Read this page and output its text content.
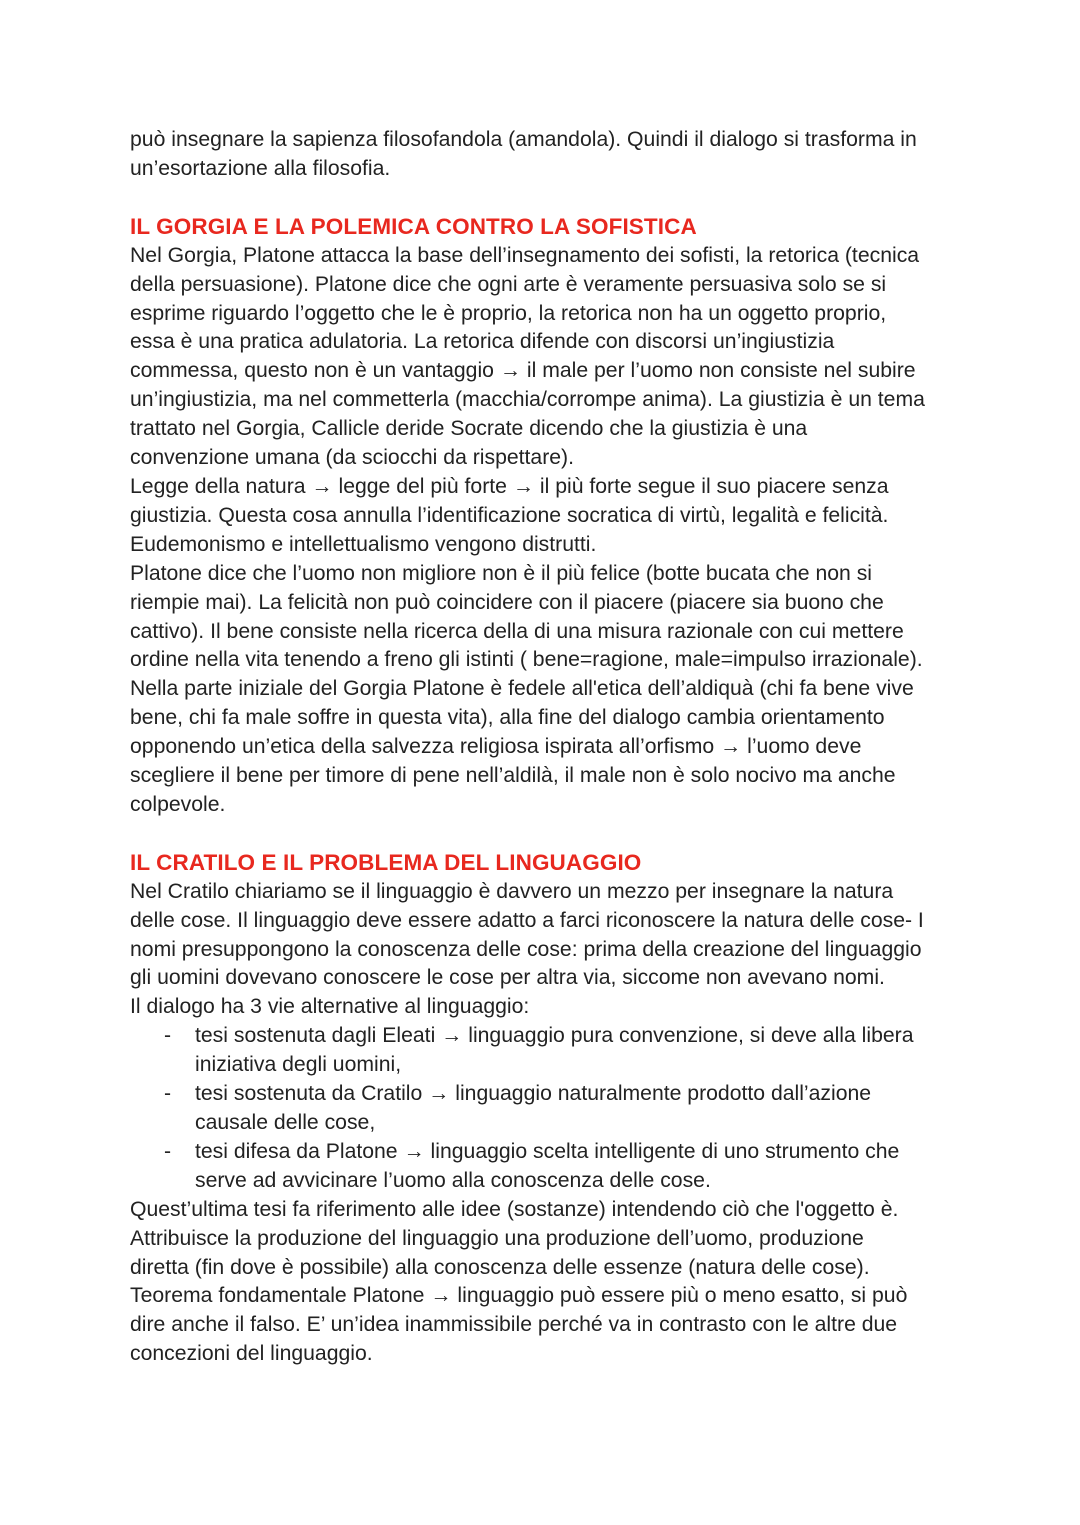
può insegnare la sapienza filosofandola (amandola). Quindi il dialogo si trasforma in
un’esortazione alla filosofia.

IL GORGIA E LA POLEMICA CONTRO LA SOFISTICA

Nel Gorgia, Platone attacca la base dell’insegnamento dei sofisti, la retorica (tecnica
della persuasione). Platone dice che ogni arte è veramente persuasiva solo se si
esprime riguardo l’oggetto che le è proprio, la retorica non ha un oggetto proprio,
essa è una pratica adulatoria. La retorica difende con discorsi un’ingiustizia
commessa, questo non è un vantaggio → il male per l’uomo non consiste nel subire
un’ingiustizia, ma nel commetterla (macchia/corrompe anima). La giustizia è un tema
trattato nel Gorgia, Callicle deride Socrate dicendo che la giustizia è una
convenzione umana (da sciocchi da rispettare).

Legge della natura → legge del più forte → il più forte segue il suo piacere senza
giustizia. Questa cosa annulla l’identificazione socratica di virtù, legalità e felicità.
Eudemonismo e intellettualismo vengono distrutti.

Platone dice che l’uomo non migliore non è il più felice (botte bucata che non si
riempie mai). La felicità non può coincidere con il piacere (piacere sia buono che
cattivo). Il bene consiste nella ricerca della di una misura razionale con cui mettere
ordine nella vita tenendo a freno gli istinti ( bene=ragione, male=impulso irrazionale).
Nella parte iniziale del Gorgia Platone è fedele all'etica dell’aldiquà (chi fa bene vive
bene, chi fa male soffre in questa vita), alla fine del dialogo cambia orientamento
opponendo un’etica della salvezza religiosa ispirata all’orfismo → l’uomo deve
scegliere il bene per timore di pene nell’aldilà, il male non è solo nocivo ma anche
colpevole.

IL CRATILO E IL PROBLEMA DEL LINGUAGGIO

Nel Cratilo chiariamo se il linguaggio è davvero un mezzo per insegnare la natura
delle cose. Il linguaggio deve essere adatto a farci riconoscere la natura delle cose- I
nomi presuppongono la conoscenza delle cose: prima della creazione del linguaggio
gli uomini dovevano conoscere le cose per altra via, siccome non avevano nomi.
Il dialogo ha 3 vie alternative al linguaggio:

- tesi sostenuta dagli Eleati → linguaggio pura convenzione, si deve alla libera
iniziativa degli uomini,
- tesi sostenuta da Cratilo → linguaggio naturalmente prodotto dall’azione
causale delle cose,
- tesi difesa da Platone → linguaggio scelta intelligente di uno strumento che
serve ad avvicinare l’uomo alla conoscenza delle cose.

Quest’ultima tesi fa riferimento alle idee (sostanze) intendendo ciò che l'oggetto è.
Attribuisce la produzione del linguaggio una produzione dell’uomo, produzione
diretta (fin dove è possibile) alla conoscenza delle essenze (natura delle cose).
Teorema fondamentale Platone → linguaggio può essere più o meno esatto, si può
dire anche il falso. E’ un’idea inammissibile perché va in contrasto con le altre due
concezioni del linguaggio.
